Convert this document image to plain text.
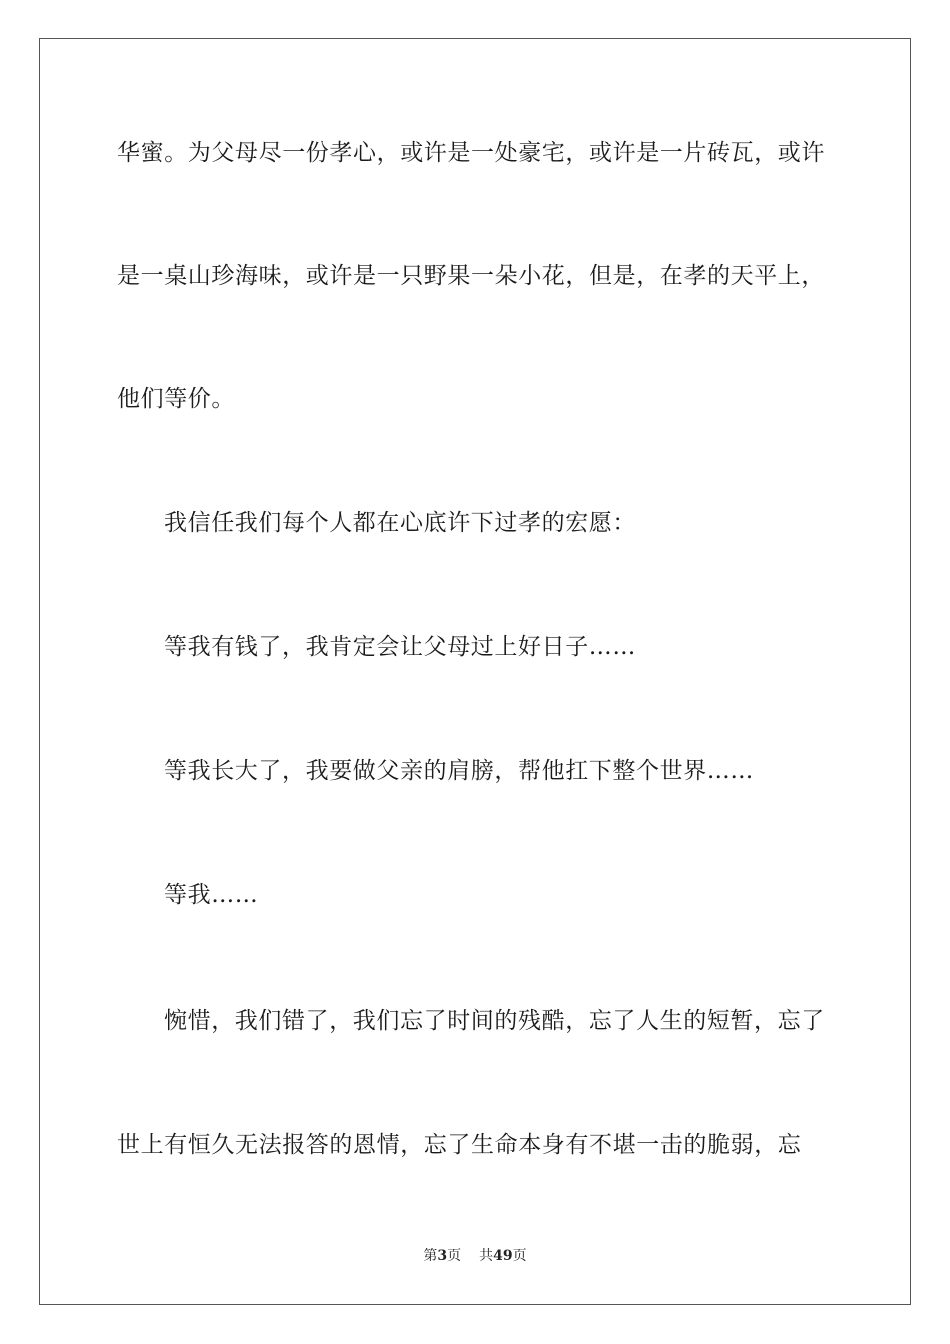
华蜜。为父母尽一份孝心，或许是一处豪宅，或许是一片砖瓦，或许
是一桌山珍海味，或许是一只野果一朵小花，但是，在孝的天平上，
他们等价。
我信任我们每个人都在心底许下过孝的宏愿：
等我有钱了，我肯定会让父母过上好日子……
等我长大了，我要做父亲的肩膀，帮他扛下整个世界……
等我……
惋惜，我们错了，我们忘了时间的残酷，忘了人生的短暂，忘了
世上有恒久无法报答的恩情，忘了生命本身有不堪一击的脆弱，忘
第3页 共49页
